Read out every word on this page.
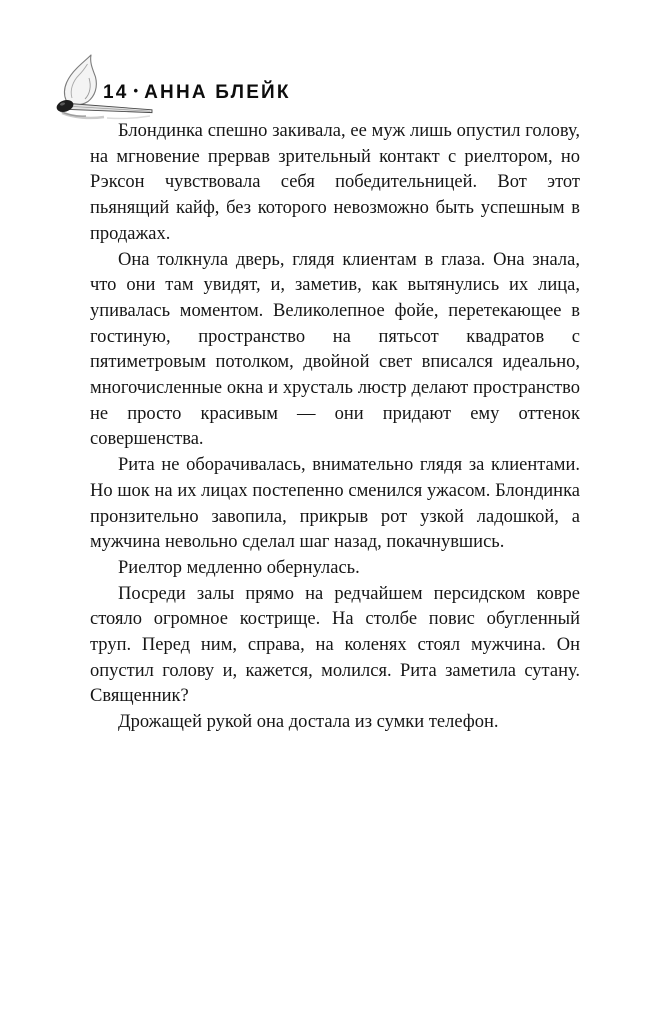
14 • АННА БЛЕЙК

Блондинка спешно закивала, ее муж лишь опустил голову, на мгновение прервав зрительный контакт с риелтором, но Рэксон чувствовала себя победительницей. Вот этот пьянящий кайф, без которого невозможно быть успешным в продажах.

Она толкнула дверь, глядя клиентам в глаза. Она знала, что они там увидят, и, заметив, как вытянулись их лица, упивалась моментом. Великолепное фойе, перетекающее в гостиную, пространство на пятьсот квадратов с пятиметровым потолком, двойной свет вписался идеально, многочисленные окна и хрусталь люстр делают пространство не просто красивым — они придают ему оттенок совершенства.

Рита не оборачивалась, внимательно глядя за клиентами. Но шок на их лицах постепенно сменился ужасом. Блондинка пронзительно завопила, прикрыв рот узкой ладошкой, а мужчина невольно сделал шаг назад, покачнувшись.

Риелтор медленно обернулась.

Посреди залы прямо на редчайшем персидском ковре стояло огромное кострище. На столбе повис обугленный труп. Перед ним, справа, на коленях стоял мужчина. Он опустил голову и, кажется, молился. Рита заметила сутану. Священник?

Дрожащей рукой она достала из сумки телефон.
